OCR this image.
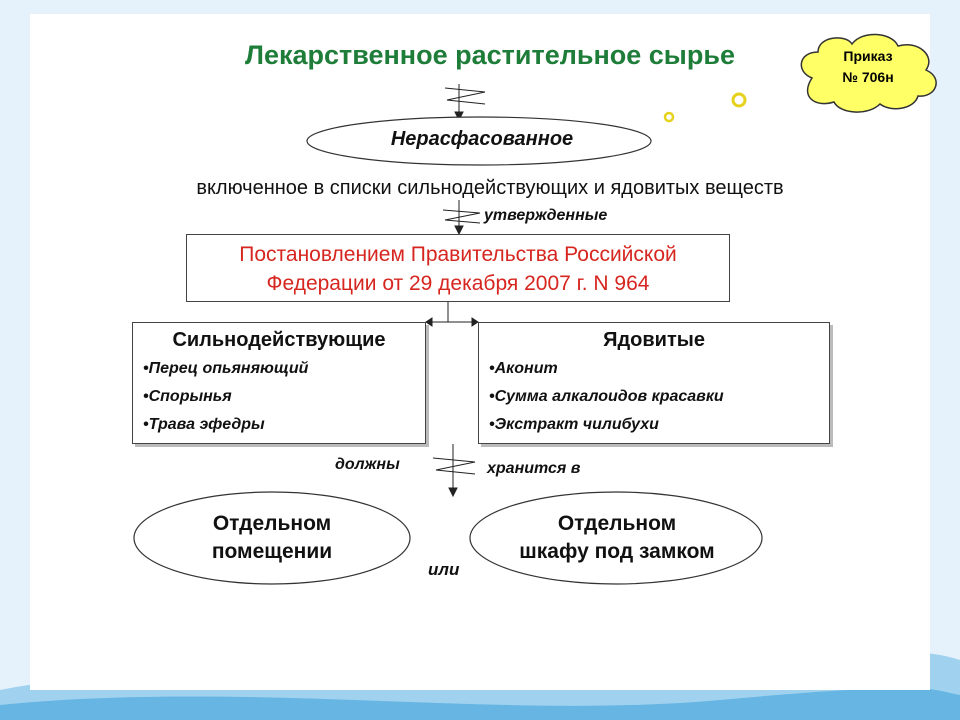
Приказ
№ 706н
Лекарственное растительное сырье
Нерасфасованное
включенное в списки сильнодействующих и ядовитых веществ
утвержденные
Постановлением Правительства Российской
Федерации от 29 декабря 2007 г. N 964
Сильнодействующие
•Перец опьяняющий
•Спорынья
•Трава эфедры
Ядовитые
•Аконит
•Сумма алкалоидов красавки
•Экстракт чилибухи
должны	хранится в
Отдельном
помещении
Отдельном
шкафу под замком
или
